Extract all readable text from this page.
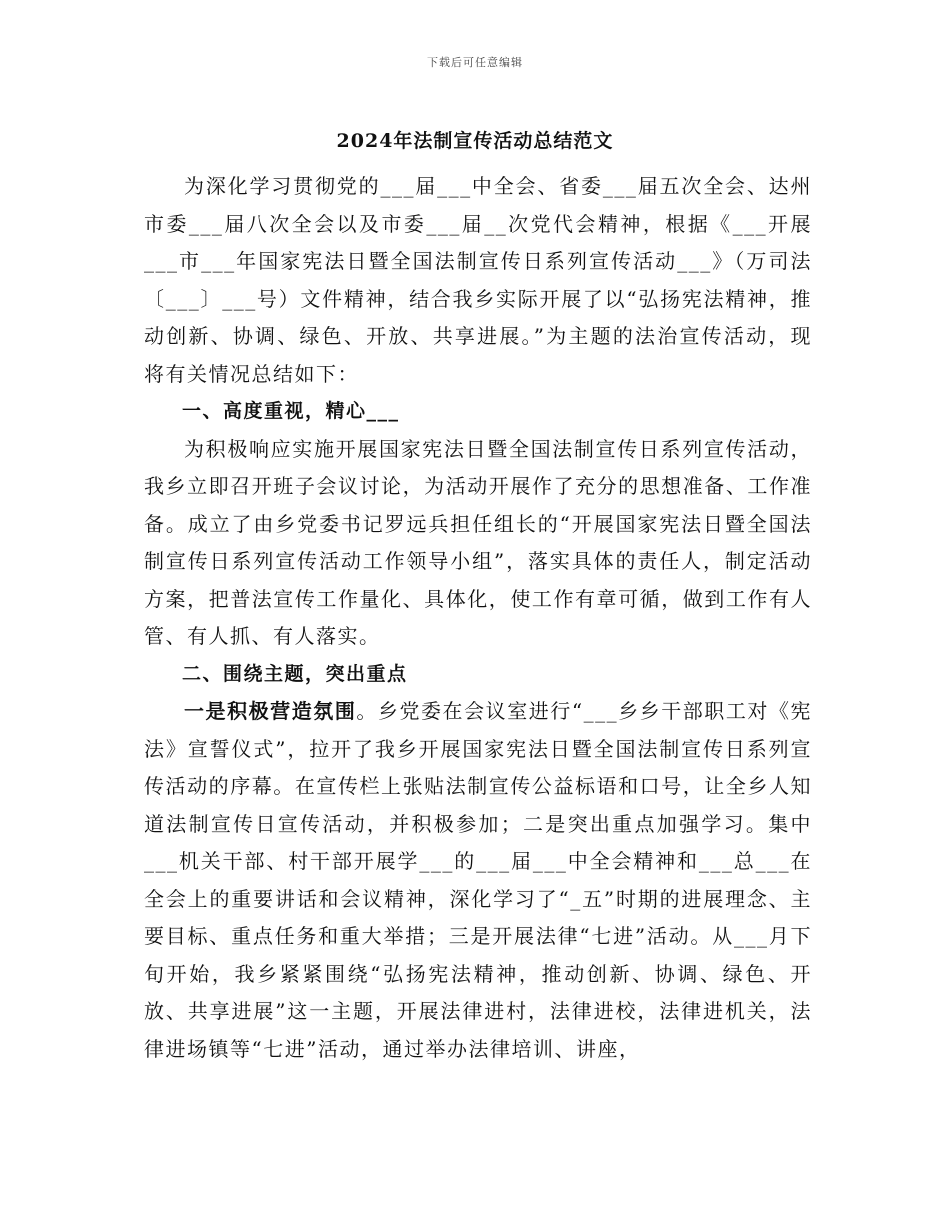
下载后可任意编辑
2024年法制宣传活动总结范文

为深化学习贯彻党的___届___中全会、省委___届五次全会、达州市委___届八次全会以及市委___届__次党代会精神，根据《___开展___市___年国家宪法日暨全国法制宣传日系列宣传活动___》（万司法〔___〕___号）文件精神，结合我乡实际开展了以“弘扬宪法精神，推动创新、协调、绿色、开放、共享进展。”为主题的法治宣传活动，现将有关情况总结如下：

一、高度重视，精心___

为积极响应实施开展国家宪法日暨全国法制宣传日系列宣传活动，我乡立即召开班子会议讨论，为活动开展作了充分的思想准备、工作准备。成立了由乡党委书记罗远兵担任组长的“开展国家宪法日暨全国法制宣传日系列宣传活动工作领导小组”，落实具体的责任人，制定活动方案，把普法宣传工作量化、具体化，使工作有章可循，做到工作有人管、有人抓、有人落实。

二、围绕主题，突出重点

一是积极营造氛围。乡党委在会议室进行“___乡乡干部职工对《宪法》宣誓仪式”，拉开了我乡开展国家宪法日暨全国法制宣传日系列宣传活动的序幕。在宣传栏上张贴法制宣传公益标语和口号，让全乡人知道法制宣传日宣传活动，并积极参加；二是突出重点加强学习。集中___机关干部、村干部开展学___的___届___中全会精神和___总___在全会上的重要讲话和会议精神，深化学习了“_五”时期的进展理念、主要目标、重点任务和重大举措；三是开展法律“七进”活动。从___月下旬开始，我乡紧紧围绕“弘扬宪法精神，推动创新、协调、绿色、开放、共享进展”这一主题，开展法律进村，法律进校，法律进机关，法律进场镇等“七进”活动，通过举办法律培训、讲座，
